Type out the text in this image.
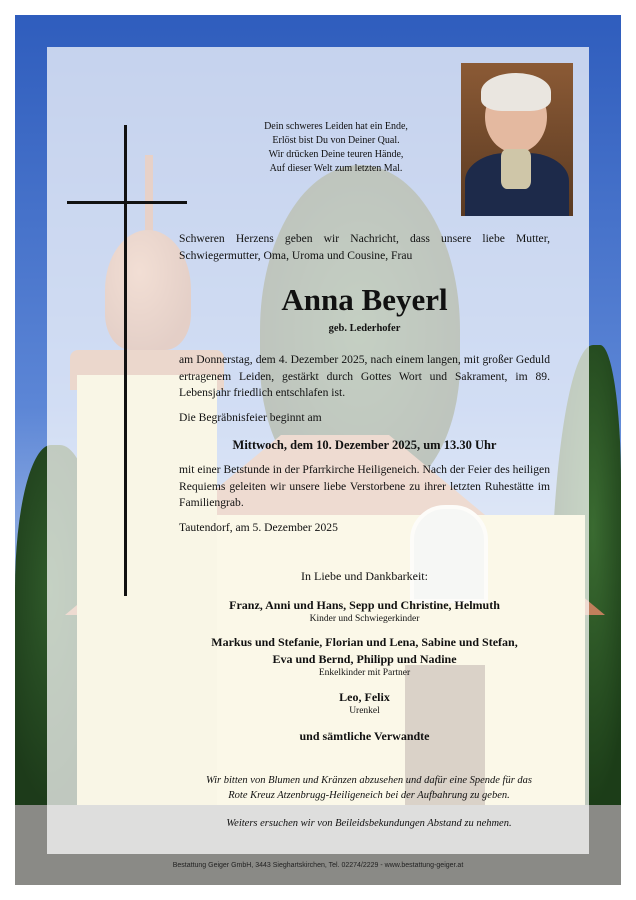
Dein schweres Leiden hat ein Ende,
Erlöst bist Du von Deiner Qual.
Wir drücken Deine teuren Hände,
Auf dieser Welt zum letzten Mal.
Schweren Herzens geben wir Nachricht, dass unsere liebe Mutter, Schwiegermutter, Oma, Uroma und Cousine, Frau
Anna Beyerl
geb. Lederhofer
am Donnerstag, dem 4. Dezember 2025, nach einem langen, mit großer Geduld ertragenem Leiden, gestärkt durch Gottes Wort und Sakrament, im 89. Lebensjahr friedlich entschlafen ist.
Die Begräbnisfeier beginnt am
Mittwoch, dem 10. Dezember 2025, um 13.30 Uhr
mit einer Betstunde in der Pfarrkirche Heiligeneich. Nach der Feier des heiligen Requiems geleiten wir unsere liebe Verstorbene zu ihrer letzten Ruhestätte im Familiengrab.
Tautendorf, am 5. Dezember 2025
In Liebe und Dankbarkeit:
Franz, Anni und Hans, Sepp und Christine, Helmuth
Kinder und Schwiegerkinder
Markus und Stefanie, Florian und Lena, Sabine und Stefan,
Eva und Bernd, Philipp und Nadine
Enkelkinder mit Partner
Leo, Felix
Urenkel
und sämtliche Verwandte
Wir bitten von Blumen und Kränzen abzusehen und dafür eine Spende für das
Rote Kreuz Atzenbrugg-Heiligeneich bei der Aufbahrung zu geben.
Weiters ersuchen wir von Beileidsbekundungen Abstand zu nehmen.
Bestattung Geiger GmbH, 3443 Sieghartskirchen, Tel. 02274/2229 - www.bestattung-geiger.at
